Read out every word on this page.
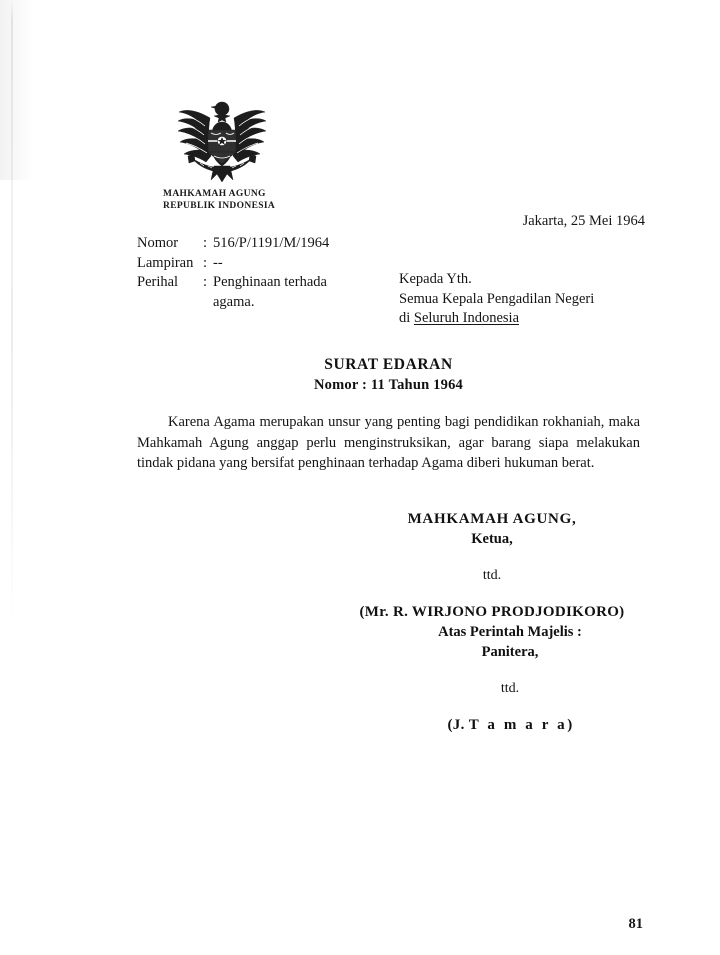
MAHKAMAH AGUNG
REPUBLIK INDONESIA
Jakarta, 25 Mei 1964
Nomor	: 516/P/1191/M/1964
Lampiran : --
Perihal	: Penghinaan terhada
agama.
Kepada Yth.
Semua Kepala Pengadilan Negeri
di Seluruh Indonesia
SURAT EDARAN
Nomor : 11 Tahun 1964
Karena Agama merupakan unsur yang penting bagi pendidikan rokhaniah, maka Mahkamah Agung anggap perlu menginstruksikan, agar barang siapa melakukan tindak pidana yang bersifat penghinaan terhadap Agama diberi hukuman berat.
MAHKAMAH AGUNG,
Ketua,
ttd.
(Mr. R. WIRJONO PRODJODIKORO)
Atas Perintah Majelis :
Panitera,
ttd.
(J. T a m a r a)
81
